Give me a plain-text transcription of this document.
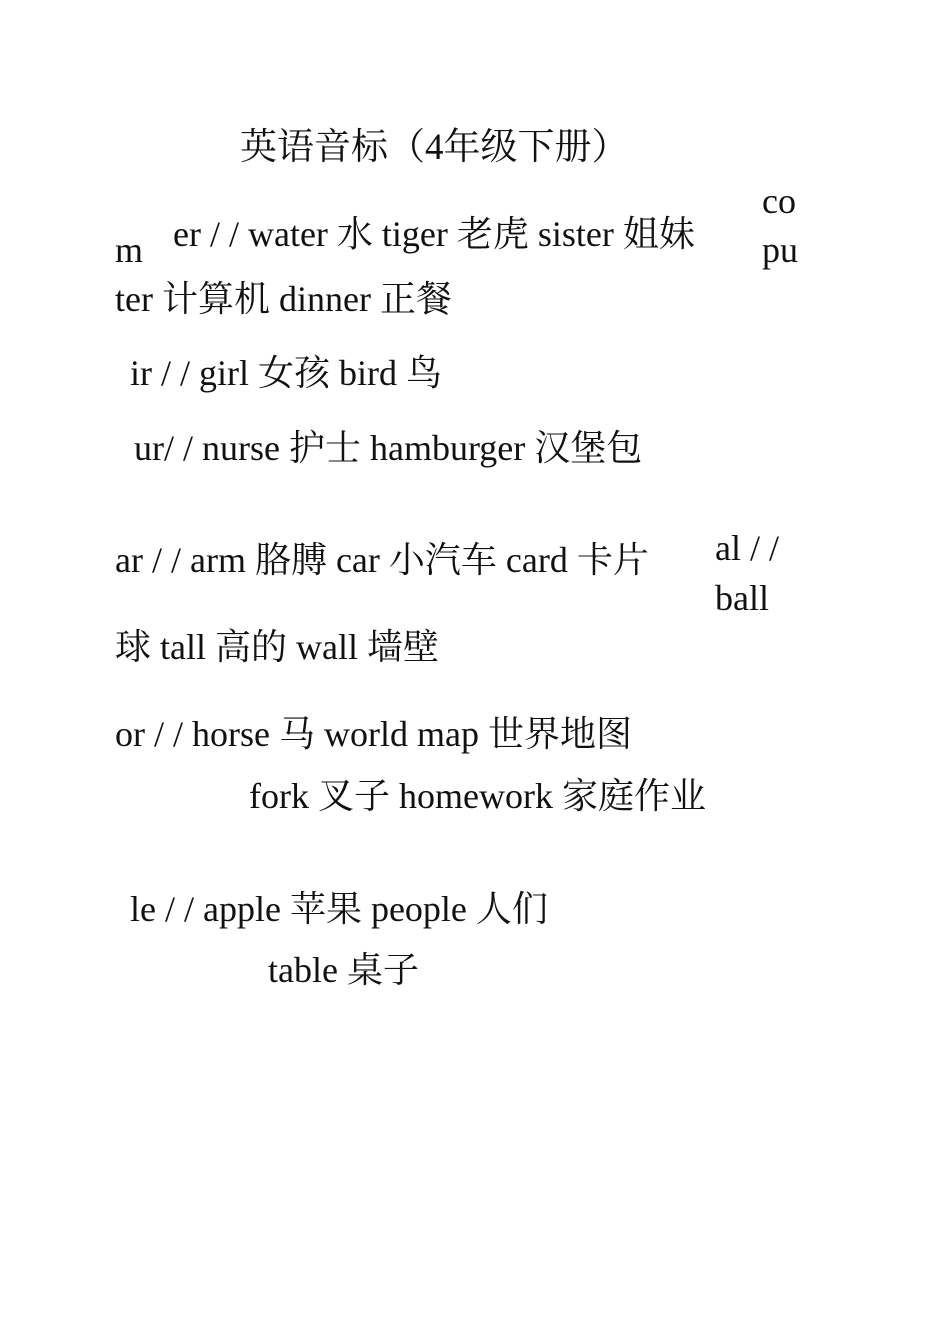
英语音标（4年级下册）
m er / / water 水 tiger 老虎 sister 姐妹
co
pu
ter 计算机 dinner 正餐
ir / / girl 女孩 bird 鸟
ur/ / nurse 护士 hamburger 汉堡包
ar / / arm 胳膊 car 小汽车 card 卡片 al / /
ball
球 tall 高的 wall 墙壁
or / / horse 马 world map 世界地图
fork 叉子 homework 家庭作业
le / / apple 苹果 people 人们
table 桌子
